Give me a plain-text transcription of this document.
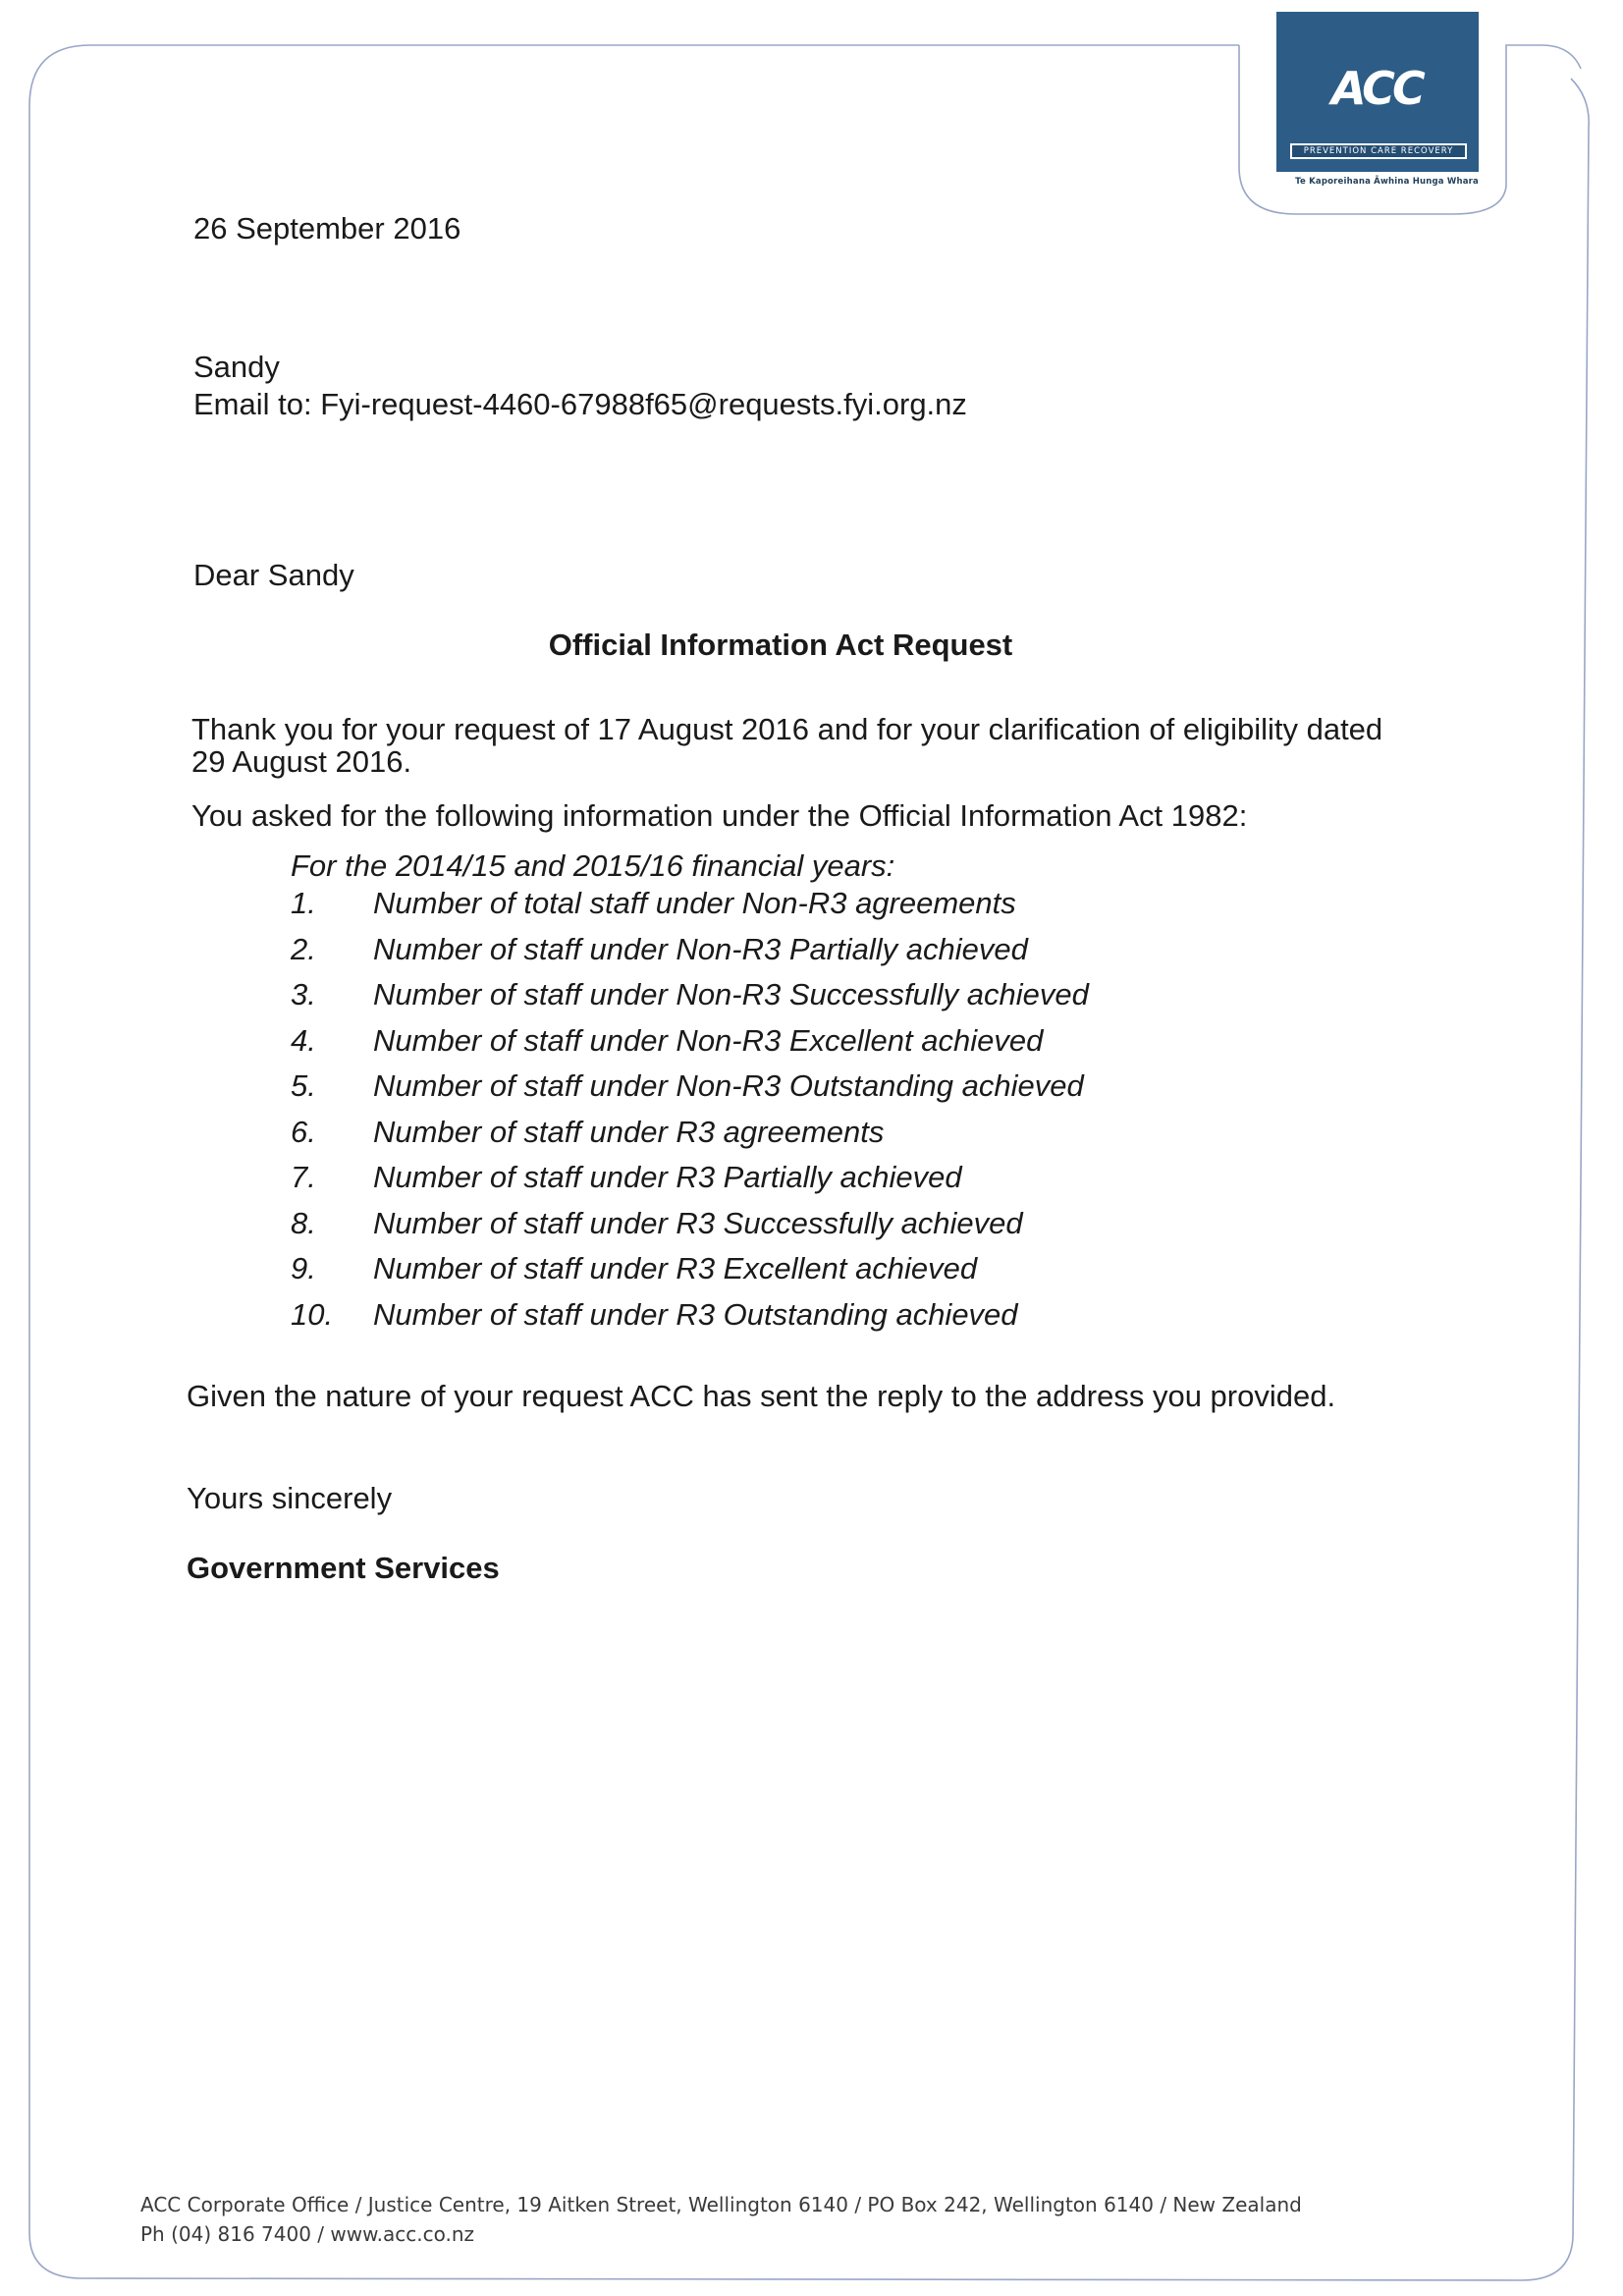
ACC
PREVENTION CARE RECOVERY
Te Kaporeihana Āwhina Hunga Whara
26 September 2016
Sandy
Email to: Fyi-request-4460-67988f65@requests.fyi.org.nz
Dear Sandy
Official Information Act Request
Thank you for your request of 17 August 2016 and for your clarification of eligibility dated 29 August 2016.
You asked for the following information under the Official Information Act 1982:
For the 2014/15 and 2015/16 financial years:
1. Number of total staff under Non-R3 agreements
2. Number of staff under Non-R3 Partially achieved
3. Number of staff under Non-R3 Successfully achieved
4. Number of staff under Non-R3 Excellent achieved
5. Number of staff under Non-R3 Outstanding achieved
6. Number of staff under R3 agreements
7. Number of staff under R3 Partially achieved
8. Number of staff under R3 Successfully achieved
9. Number of staff under R3 Excellent achieved
10. Number of staff under R3 Outstanding achieved
Given the nature of your request ACC has sent the reply to the address you provided.
Yours sincerely
Government Services
ACC Corporate Office / Justice Centre, 19 Aitken Street, Wellington 6140 / PO Box 242, Wellington 6140 / New Zealand
Ph (04) 816 7400 / www.acc.co.nz
